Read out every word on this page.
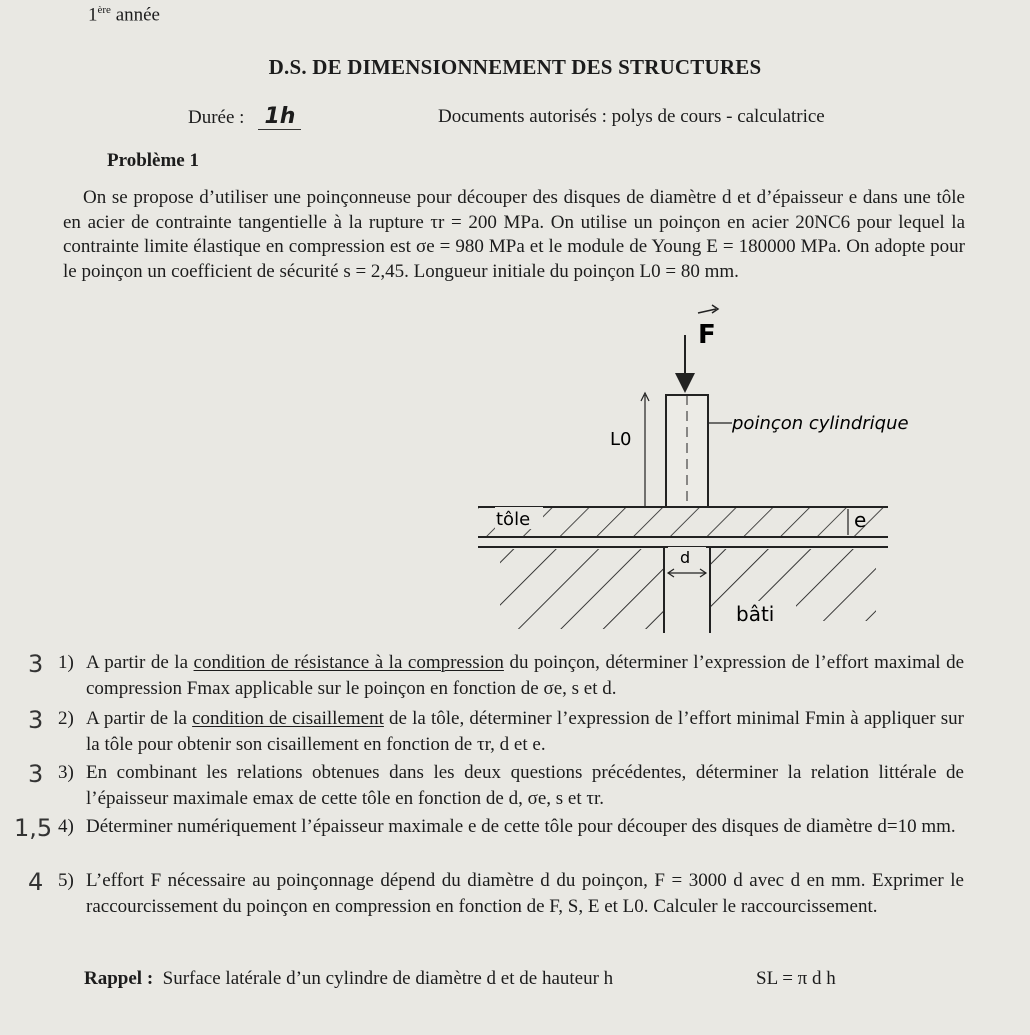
1ère année
D.S. DE DIMENSIONNEMENT DES STRUCTURES
Durée : 1h	Documents autorisés : polys de cours - calculatrice
Problème 1

On se propose d’utiliser une poinçonneuse pour découper des disques de diamètre d et d’épaisseur e dans une tôle en acier de contrainte tangentielle à la rupture τr = 200 MPa. On utilise un poinçon en acier 20NC6 pour lequel la contrainte limite élastique en compression est σe = 980 MPa et le module de Young E = 180000 MPa. On adopte pour le poinçon un coefficient de sécurité s = 2,45. Longueur initiale du poinçon L0 = 80 mm.

F
L0
poinçon cylindrique
tôle	e
d
bâti
3 1) A partir de la condition de résistance à la compression du poinçon, déterminer l’expression de l’effort maximal de compression Fmax applicable sur le poinçon en fonction de σe, s et d.
3 2) A partir de la condition de cisaillement de la tôle, déterminer l’expression de l’effort minimal Fmin à appliquer sur la tôle pour obtenir son cisaillement en fonction de τr, d et e.
3 3) En combinant les relations obtenues dans les deux questions précédentes, déterminer la relation littérale de l’épaisseur maximale emax de cette tôle en fonction de d, σe, s et τr.
1,5 4) Déterminer numériquement l’épaisseur maximale e de cette tôle pour découper des disques de diamètre d=10 mm.
4 5) L’effort F nécessaire au poinçonnage dépend du diamètre d du poinçon, F = 3000 d avec d en mm. Exprimer le raccourcissement du poinçon en compression en fonction de F, S, E et L0. Calculer le raccourcissement.
Rappel : Surface latérale d’un cylindre de diamètre d et de hauteur h	SL = π d h
